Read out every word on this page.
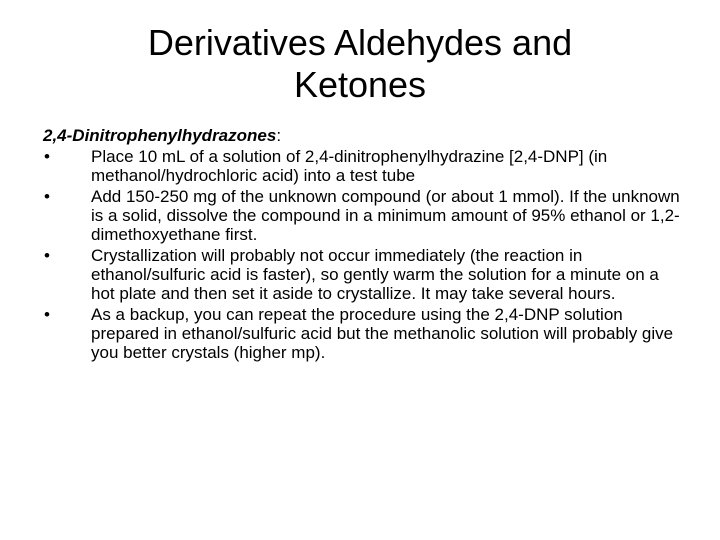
Derivatives Aldehydes and
Ketones
2,4-Dinitrophenylhydrazones:
• Place 10 mL of a solution of 2,4-dinitrophenylhydrazine [2,4-DNP] (in methanol/hydrochloric acid) into a test tube
• Add 150-250 mg of the unknown compound (or about 1 mmol). If the unknown is a solid, dissolve the compound in a minimum amount of 95% ethanol or 1,2-dimethoxyethane first.
• Crystallization will probably not occur immediately (the reaction in ethanol/sulfuric acid is faster), so gently warm the solution for a minute on a hot plate and then set it aside to crystallize. It may take several hours.
• As a backup, you can repeat the procedure using the 2,4-DNP solution prepared in ethanol/sulfuric acid but the methanolic solution will probably give you better crystals (higher mp).
